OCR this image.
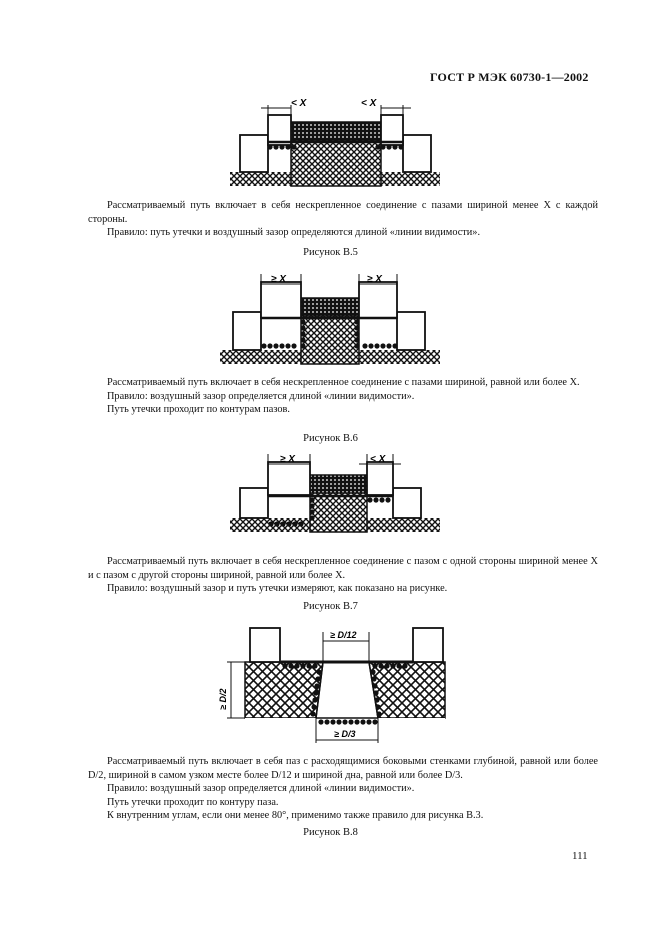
ГОСТ Р МЭК 60730-1—2002
< X	< X

Рассматриваемый путь включает в себя нескрепленное соединение с пазами шириной менее X с каждой стороны.

Правило: путь утечки и воздушный зазор определяются длиной «линии видимости».

Рисунок В.5
≥ X	≥ X

Рассматриваемый путь включает в себя нескрепленное соединение с пазами шириной, равной или более X.

Правило: воздушный зазор определяется длиной «линии видимости».

Путь утечки проходит по контурам пазов.

Рисунок В.6
≥ X	< X

Рассматриваемый путь включает в себя нескрепленное соединение с пазом с одной стороны шириной менее X и с пазом с другой стороны шириной, равной или более X.

Правило: воздушный зазор и путь утечки измеряют, как показано на рисунке.

Рисунок В.7
≥ D/12
≥ D/2
≥ D/3

Рассматриваемый путь включает в себя паз с расходящимися боковыми стенками глубиной, равной или более D/2, шириной в самом узком месте более D/12 и шириной дна, равной или более D/3.

Правило: воздушный зазор определяется длиной «линии видимости».

Путь утечки проходит по контуру паза.

К внутренним углам, если они менее 80°, применимо также правило для рисунка В.3.

Рисунок В.8
111
